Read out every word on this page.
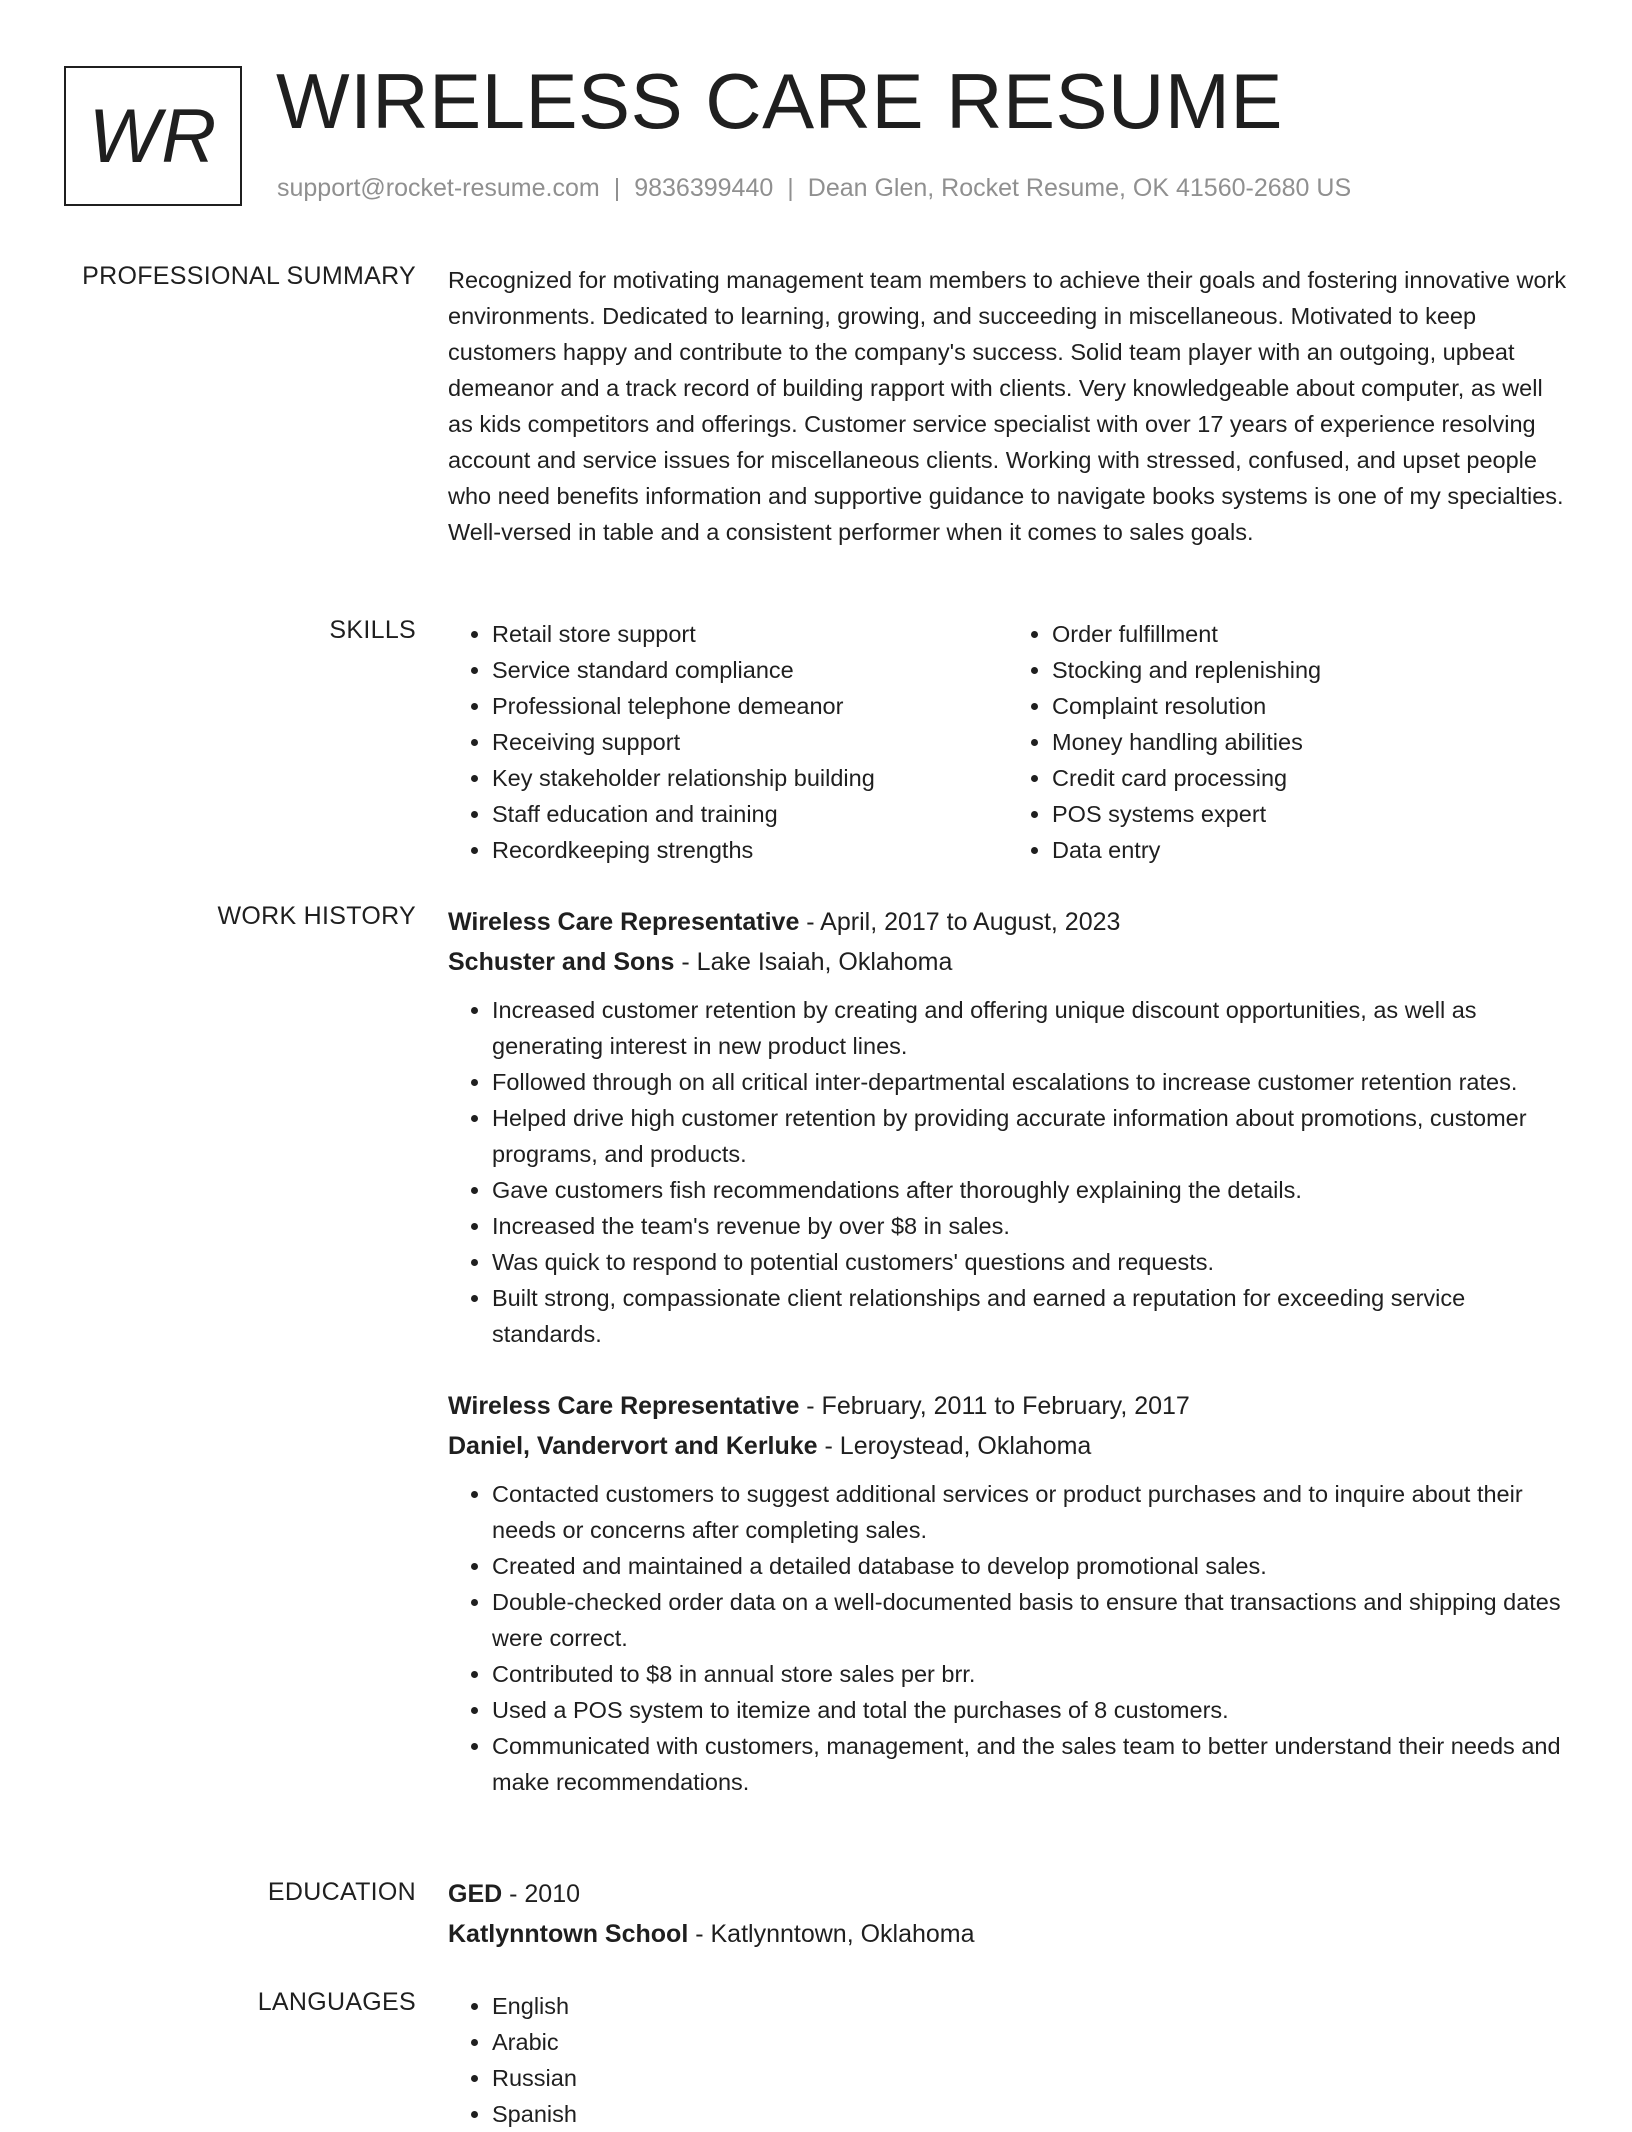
WR WIRELESS CARE RESUME
support@rocket-resume.com | 9836399440 | Dean Glen, Rocket Resume, OK 41560-2680 US
PROFESSIONAL SUMMARY Recognized for motivating management team members to achieve their goals and fostering innovative work environments. Dedicated to learning, growing, and succeeding in miscellaneous. Motivated to keep customers happy and contribute to the company's success. Solid team player with an outgoing, upbeat demeanor and a track record of building rapport with clients. Very knowledgeable about computer, as well as kids competitors and offerings. Customer service specialist with over 17 years of experience resolving account and service issues for miscellaneous clients. Working with stressed, confused, and upset people who need benefits information and supportive guidance to navigate books systems is one of my specialties. Well-versed in table and a consistent performer when it comes to sales goals.

SKILLS	• Retail store support
• Service standard compliance
• Professional telephone demeanor
• Receiving support
• Key stakeholder relationship building
• Staff education and training
• Recordkeeping strengths
• Order fulfillment
• Stocking and replenishing
• Complaint resolution
• Money handling abilities
• Credit card processing
• POS systems expert
• Data entry
WORK HISTORY Wireless Care Representative - April, 2017 to August, 2023
Schuster and Sons - Lake Isaiah, Oklahoma
• Increased customer retention by creating and offering unique discount opportunities, as well as generating interest in new product lines.
• Followed through on all critical inter-departmental escalations to increase customer retention rates.
• Helped drive high customer retention by providing accurate information about promotions, customer programs, and products.
• Gave customers fish recommendations after thoroughly explaining the details.
• Increased the team's revenue by over $8 in sales.
• Was quick to respond to potential customers' questions and requests.
• Built strong, compassionate client relationships and earned a reputation for exceeding service standards.
Wireless Care Representative - February, 2011 to February, 2017
Daniel, Vandervort and Kerluke - Leroystead, Oklahoma
• Contacted customers to suggest additional services or product purchases and to inquire about their needs or concerns after completing sales.
• Created and maintained a detailed database to develop promotional sales.
• Double-checked order data on a well-documented basis to ensure that transactions and shipping dates were correct.
• Contributed to $8 in annual store sales per brr.
• Used a POS system to itemize and total the purchases of 8 customers.
• Communicated with customers, management, and the sales team to better understand their needs and make recommendations.
EDUCATION GED - 2010
Katlynntown School - Katlynntown, Oklahoma
LANGUAGES	• English
• Arabic
• Russian
• Spanish
